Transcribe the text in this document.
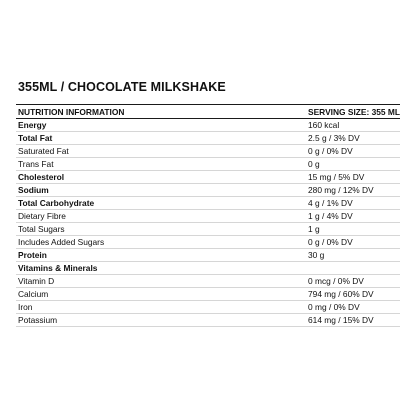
355ML / CHOCOLATE MILKSHAKE
NUTRITION INFORMATION	SERVING SIZE: 355 ML
Energy	160 kcal
Total Fat	2.5 g / 3% DV
Saturated Fat	0 g / 0% DV
Trans Fat	0 g
Cholesterol	15 mg / 5% DV
Sodium	280 mg / 12% DV
Total Carbohydrate	4 g / 1% DV
Dietary Fibre	1 g / 4% DV
Total Sugars	1 g
Includes Added Sugars	0 g / 0% DV
Protein	30 g
Vitamins & Minerals	
Vitamin D	0 mcg / 0% DV
Calcium	794 mg / 60% DV
Iron	0 mg / 0% DV
Potassium	614 mg / 15% DV
